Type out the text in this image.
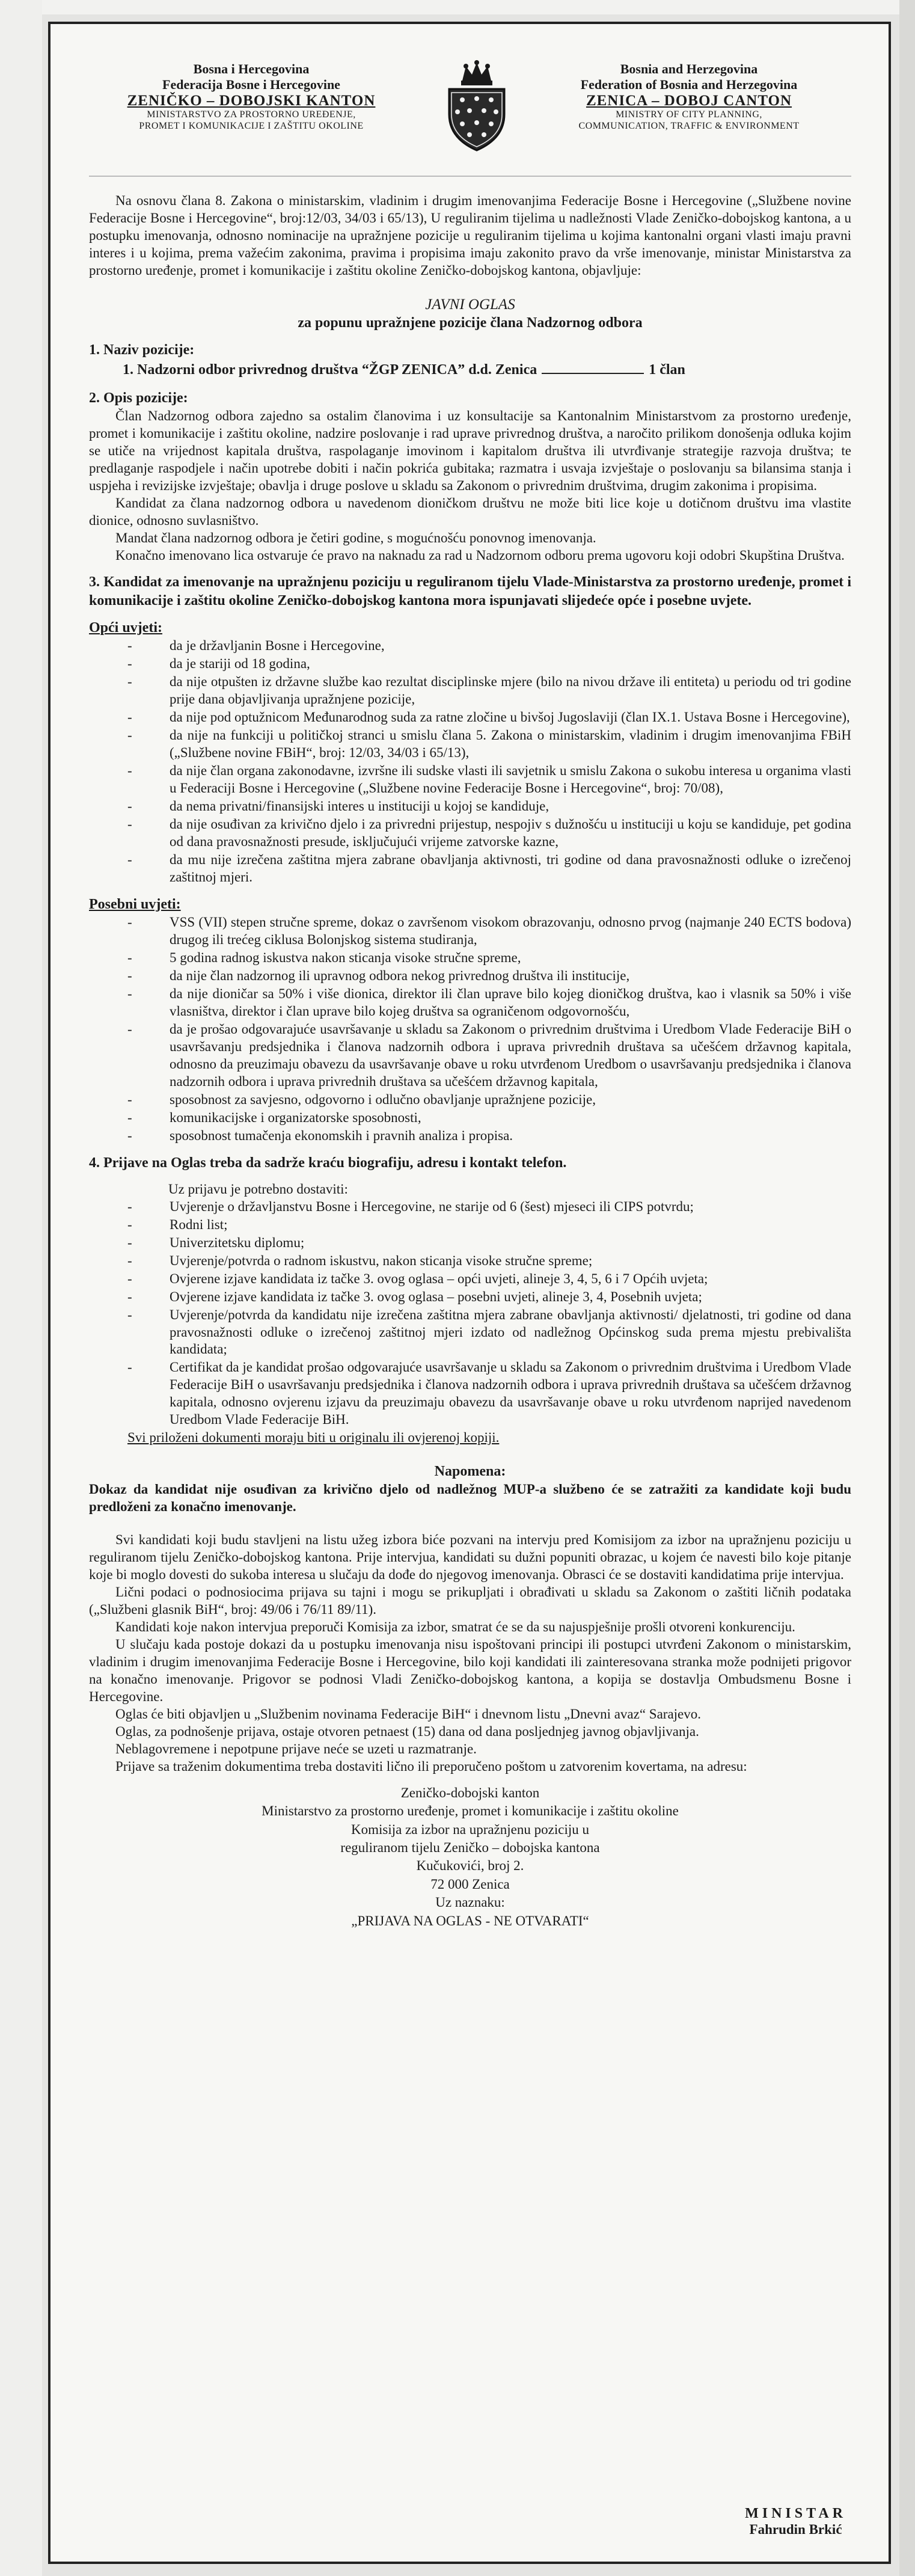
Bosna i Hercegovina
Federacija Bosne i Hercegovine
ZENIČKO – DOBOJSKI KANTON
MINISTARSTVO ZA PROSTORNO UREĐENJE,
PROMET I KOMUNIKACIJE I ZAŠTITU OKOLINE
Bosnia and Herzegovina
Federation of Bosnia and Herzegovina
ZENICA – DOBOJ CANTON
MINISTRY OF CITY PLANNING,
COMMUNICATION, TRAFFIC & ENVIRONMENT

Na osnovu člana 8. Zakona o ministarskim, vladinim i drugim imenovanjima Federacije Bosne i Hercegovine („Službene novine Federacije Bosne i Hercegovine“, broj:12/03, 34/03 i 65/13), U reguliranim tijelima u nadležnosti Vlade Zeničko-dobojskog kantona, a u postupku imenovanja, odnosno nominacije na upražnjene pozicije u reguliranim tijelima u kojima kantonalni organi vlasti imaju pravni interes i u kojima, prema važećim zakonima, pravima i propisima imaju zakonito pravo da vrše imenovanje, ministar Ministarstva za prostorno uređenje, promet i komunikacije i zaštitu okoline Zeničko-dobojskog kantona, objavljuje:

JAVNI OGLAS

za popunu upražnjene pozicije člana Nadzornog odbora

1. Naziv pozicije:

1. Nadzorni odbor privrednog društva “ŽGP ZENICA” d.d. Zenica	1 član

2. Opis pozicije:

Član Nadzornog odbora zajedno sa ostalim članovima i uz konsultacije sa Kantonalnim Ministarstvom za prostorno uređenje, promet i komunikacije i zaštitu okoline, nadzire poslovanje i rad uprave privrednog društva, a naročito prilikom donošenja odluka kojim se utiče na vrijednost kapitala društva, raspolaganje imovinom i kapitalom društva ili utvrđivanje strategije razvoja društva; te predlaganje raspodjele i način upotrebe dobiti i način pokrića gubitaka; razmatra i usvaja izvještaje o poslovanju sa bilansima stanja i uspjeha i revizijske izvještaje; obavlja i druge poslove u skladu sa Zakonom o privrednim društvima, drugim zakonima i propisima.

Kandidat za člana nadzornog odbora u navedenom dioničkom društvu ne može biti lice koje u dotičnom društvu ima vlastite dionice, odnosno suvlasništvo.

Mandat člana nadzornog odbora je četiri godine, s mogućnošću ponovnog imenovanja.

Konačno imenovano lica ostvaruje će pravo na naknadu za rad u Nadzornom odboru prema ugovoru koji odobri Skupština Društva.

3. Kandidat za imenovanje na upražnjenu poziciju u reguliranom tijelu Vlade-Ministarstva za prostorno uređenje, promet i komunikacije i zaštitu okoline Zeničko-dobojskog kantona mora ispunjavati slijedeće opće i posebne uvjete.

Opći uvjeti:

- da je državljanin Bosne i Hercegovine,
- da je stariji od 18 godina,
- da nije otpušten iz državne službe kao rezultat disciplinske mjere (bilo na nivou države ili entiteta) u periodu od tri godine prije dana objavljivanja upražnjene pozicije,
- da nije pod optužnicom Međunarodnog suda za ratne zločine u bivšoj Jugoslaviji (član IX.1. Ustava Bosne i Hercegovine),
- da nije na funkciji u političkoj stranci u smislu člana 5. Zakona o ministarskim, vladinim i drugim imenovanjima FBiH („Službene novine FBiH“, broj: 12/03, 34/03 i 65/13),
- da nije član organa zakonodavne, izvršne ili sudske vlasti ili savjetnik u smislu Zakona o sukobu interesa u organima vlasti u Federaciji Bosne i Hercegovine („Službene novine Federacije Bosne i Hercegovine“, broj: 70/08),
- da nema privatni/finansijski interes u instituciji u kojoj se kandiduje,
- da nije osuđivan za krivično djelo i za privredni prijestup, nespojiv s dužnošću u instituciji u koju se kandiduje, pet godina od dana pravosnažnosti presude, isključujući vrijeme zatvorske kazne,
- da mu nije izrečena zaštitna mjera zabrane obavljanja aktivnosti, tri godine od dana pravosnažnosti odluke o izrečenoj zaštitnoj mjeri.

Posebni uvjeti:

- VSS (VII) stepen stručne spreme, dokaz o završenom visokom obrazovanju, odnosno prvog (najmanje 240 ECTS bodova) drugog ili trećeg ciklusa Bolonjskog sistema studiranja,
- 5 godina radnog iskustva nakon sticanja visoke stručne spreme,
- da nije član nadzornog ili upravnog odbora nekog privrednog društva ili institucije,
- da nije dioničar sa 50% i više dionica, direktor ili član uprave bilo kojeg dioničkog društva, kao i vlasnik sa 50% i više vlasništva, direktor i član uprave bilo kojeg društva sa ograničenom odgovornošću,
- da je prošao odgovarajuće usavršavanje u skladu sa Zakonom o privrednim društvima i Uredbom Vlade Federacije BiH o usavršavanju predsjednika i članova nadzornih odbora i uprava privrednih društava sa učešćem državnog kapitala, odnosno da preuzimaju obavezu da usavršavanje obave u roku utvrđenom Uredbom o usavršavanju predsjednika i članova nadzornih odbora i uprava privrednih društava sa učešćem državnog kapitala,
- sposobnost za savjesno, odgovorno i odlučno obavljanje upražnjene pozicije,
- komunikacijske i organizatorske sposobnosti,
- sposobnost tumačenja ekonomskih i pravnih analiza i propisa.

4. Prijave na Oglas treba da sadrže kraću biografiju, adresu i kontakt telefon.

Uz prijavu je potrebno dostaviti:

- Uvjerenje o državljanstvu Bosne i Hercegovine, ne starije od 6 (šest) mjeseci ili CIPS potvrdu;
- Rodni list;
- Univerzitetsku diplomu;
- Uvjerenje/potvrda o radnom iskustvu, nakon sticanja visoke stručne spreme;
- Ovjerene izjave kandidata iz tačke 3. ovog oglasa – opći uvjeti, alineje 3, 4, 5, 6 i 7 Općih uvjeta;
- Ovjerene izjave kandidata iz tačke 3. ovog oglasa – posebni uvjeti, alineje 3, 4, Posebnih uvjeta;
- Uvjerenje/potvrda da kandidatu nije izrečena zaštitna mjera zabrane obavljanja aktivnosti/ djelatnosti, tri godine od dana pravosnažnosti odluke o izrečenoj zaštitnoj mjeri izdato od nadležnog Općinskog suda prema mjestu prebivališta kandidata;
- Certifikat da je kandidat prošao odgovarajuće usavršavanje u skladu sa Zakonom o privrednim društvima i Uredbom Vlade Federacije BiH o usavršavanju predsjednika i članova nadzornih odbora i uprava privrednih društava sa učešćem državnog kapitala, odnosno ovjerenu izjavu da preuzimaju obavezu da usavršavanje obave u roku utvrđenom naprijed navedenom Uredbom Vlade Federacije BiH.

Svi priloženi dokumenti moraju biti u originalu ili ovjerenoj kopiji.

Napomena:

Dokaz da kandidat nije osuđivan za krivično djelo od nadležnog MUP-a službeno će se zatražiti za kandidate koji budu predloženi za konačno imenovanje.

Svi kandidati koji budu stavljeni na listu užeg izbora biće pozvani na intervju pred Komisijom za izbor na upražnjenu poziciju u reguliranom tijelu Zeničko-dobojskog kantona. Prije intervjua, kandidati su dužni popuniti obrazac, u kojem će navesti bilo koje pitanje koje bi moglo dovesti do sukoba interesa u slučaju da dođe do njegovog imenovanja. Obrasci će se dostaviti kandidatima prije intervjua.

Lični podaci o podnosiocima prijava su tajni i mogu se prikupljati i obrađivati u skladu sa Zakonom o zaštiti ličnih podataka („Službeni glasnik BiH“, broj: 49/06 i 76/11 89/11).

Kandidati koje nakon intervjua preporuči Komisija za izbor, smatrat će se da su najuspješnije prošli otvoreni konkurenciju.

U slučaju kada postoje dokazi da u postupku imenovanja nisu ispoštovani principi ili postupci utvrđeni Zakonom o ministarskim, vladinim i drugim imenovanjima Federacije Bosne i Hercegovine, bilo koji kandidati ili zainteresovana stranka može podnijeti prigovor na konačno imenovanje. Prigovor se podnosi Vladi Zeničko-dobojskog kantona, a kopija se dostavlja Ombudsmenu Bosne i Hercegovine.

Oglas će biti objavljen u „Službenim novinama Federacije BiH“ i dnevnom listu „Dnevni avaz“ Sarajevo.

Oglas, za podnošenje prijava, ostaje otvoren petnaest (15) dana od dana posljednjeg javnog objavljivanja.

Neblagovremene i nepotpune prijave neće se uzeti u razmatranje.

Prijave sa traženim dokumentima treba dostaviti lično ili preporučeno poštom u zatvorenim kovertama, na adresu:

Zeničko-dobojski kanton

Ministarstvo za prostorno uređenje, promet i komunikacije i zaštitu okoline

Komisija za izbor na upražnjenu poziciju u

reguliranom tijelu Zeničko – dobojska kantona

Kučukovići, broj 2.

72 000 Zenica

Uz naznaku:

„PRIJAVA NA OGLAS - NE OTVARATI“

MINISTAR
Fahrudin Brkić
